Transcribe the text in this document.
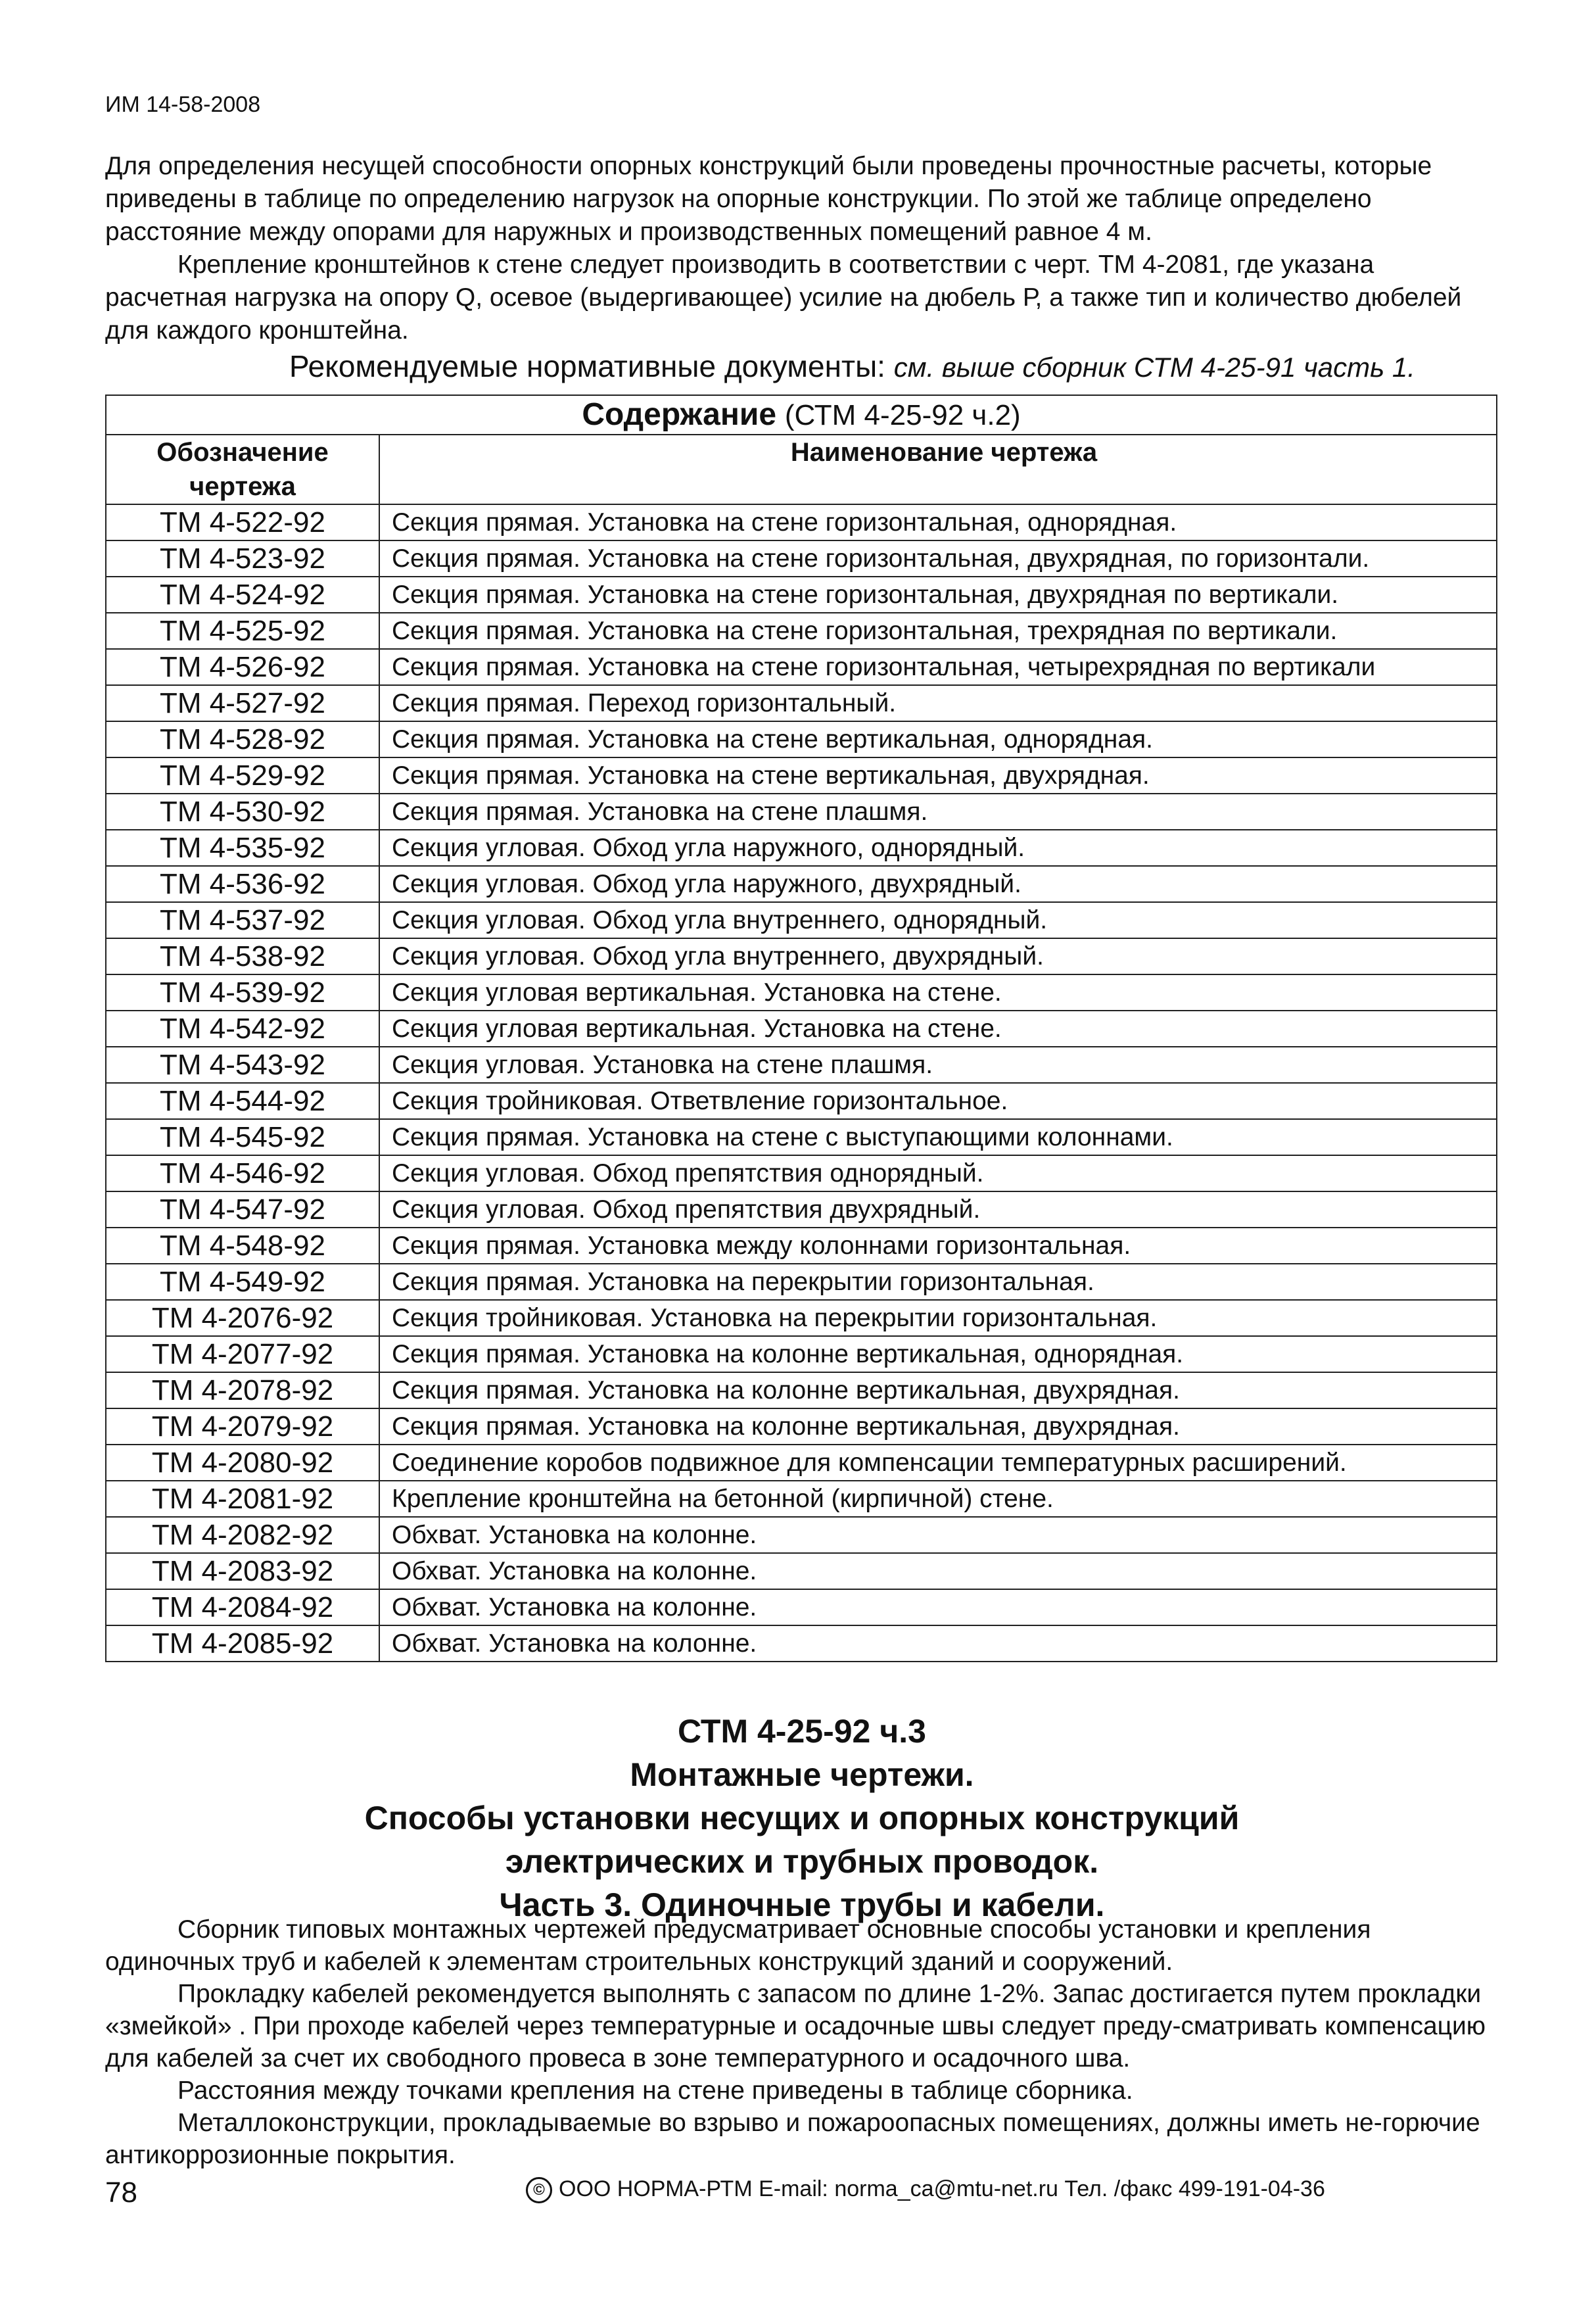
ИМ 14-58-2008

Для определения несущей способности опорных конструкций были проведены прочностные расчеты, которые приведены в таблице по определению нагрузок на опорные конструкции. По этой же таблице определено расстояние между опорами для наружных и производственных помещений равное 4 м.

Крепление кронштейнов к стене следует производить в соответствии с черт. ТМ 4-2081, где указана расчетная нагрузка на опору Q, осевое (выдергивающее) усилие на дюбель Р, а также тип и количество дюбелей для каждого кронштейна.

Рекомендуемые нормативные документы: см. выше сборник СТМ 4-25-91 часть 1.
Содержание (СТМ 4-25-92 ч.2)	
Обозначение чертежа	Наименование чертежа
ТМ 4-522-92	Секция прямая. Установка на стене горизонтальная, однорядная.
ТМ 4-523-92	Секция прямая. Установка на стене горизонтальная, двухрядная, по горизонтали.
ТМ 4-524-92	Секция прямая. Установка на стене горизонтальная, двухрядная по вертикали.
ТМ 4-525-92	Секция прямая. Установка на стене горизонтальная, трехрядная по вертикали.
ТМ 4-526-92	Секция прямая. Установка на стене горизонтальная, четырехрядная по вертикали
ТМ 4-527-92	Секция прямая. Переход горизонтальный.
ТМ 4-528-92	Секция прямая. Установка на стене вертикальная, однорядная.
ТМ 4-529-92	Секция прямая. Установка на стене вертикальная, двухрядная.
ТМ 4-530-92	Секция прямая. Установка на стене плашмя.
ТМ 4-535-92	Секция угловая. Обход угла наружного, однорядный.
ТМ 4-536-92	Секция угловая. Обход угла наружного, двухрядный.
ТМ 4-537-92	Секция угловая. Обход угла внутреннего, однорядный.
ТМ 4-538-92	Секция угловая. Обход угла внутреннего, двухрядный.
ТМ 4-539-92	Секция угловая вертикальная. Установка на стене.
ТМ 4-542-92	Секция угловая вертикальная. Установка на стене.
ТМ 4-543-92	Секция угловая. Установка на стене плашмя.
ТМ 4-544-92	Секция тройниковая. Ответвление горизонтальное.
ТМ 4-545-92	Секция прямая. Установка на стене с выступающими колоннами.
ТМ 4-546-92	Секция угловая. Обход препятствия однорядный.
ТМ 4-547-92	Секция угловая. Обход препятствия двухрядный.
ТМ 4-548-92	Секция прямая. Установка между колоннами горизонтальная.
ТМ 4-549-92	Секция прямая. Установка на перекрытии горизонтальная.
ТМ 4-2076-92	Секция тройниковая. Установка на перекрытии горизонтальная.
ТМ 4-2077-92	Секция прямая. Установка на колонне вертикальная, однорядная.
ТМ 4-2078-92	Секция прямая. Установка на колонне вертикальная, двухрядная.
ТМ 4-2079-92	Секция прямая. Установка на колонне вертикальная, двухрядная.
ТМ 4-2080-92	Соединение коробов подвижное для компенсации температурных расширений.
ТМ 4-2081-92	Крепление кронштейна на бетонной (кирпичной) стене.
ТМ 4-2082-92	Обхват. Установка на колонне.
ТМ 4-2083-92	Обхват. Установка на колонне.
ТМ 4-2084-92	Обхват. Установка на колонне.
ТМ 4-2085-92	Обхват. Установка на колонне.
СТМ 4-25-92 ч.3
Монтажные чертежи.
Способы установки несущих и опорных конструкций
электрических и трубных проводок.
Часть 3. Одиночные трубы и кабели.

Сборник типовых монтажных чертежей предусматривает основные способы установки и крепления одиночных труб и кабелей к элементам строительных конструкций зданий и сооружений.

Прокладку кабелей рекомендуется выполнять с запасом по длине 1-2%. Запас достигается путем прокладки «змейкой» . При проходе кабелей через температурные и осадочные швы следует преду-сматривать компенсацию для кабелей за счет их свободного провеса в зоне температурного и осадочного шва.

Расстояния между точками крепления на стене приведены в таблице сборника.

Металлоконструкции, прокладываемые во взрыво и пожароопасных помещениях, должны иметь не-горючие антикоррозионные покрытия.

78	© ООО НОРМА-РТМ E-mail: norma_ca@mtu-net.ru Тел. /факс 499-191-04-36
